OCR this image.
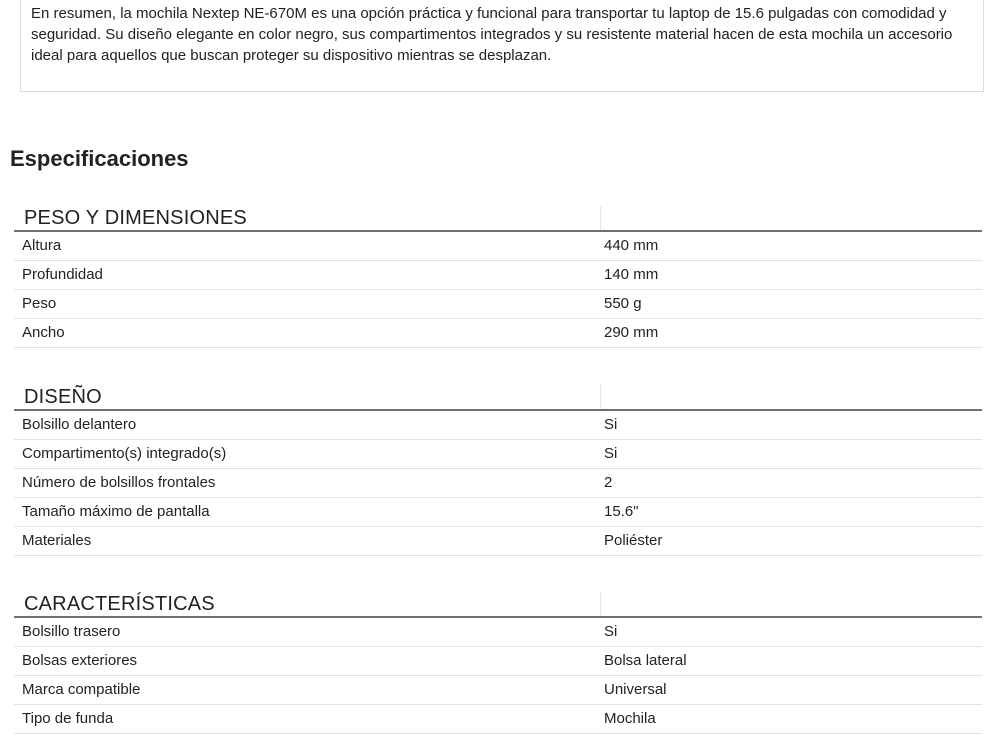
En resumen, la mochila Nextep NE-670M es una opción práctica y funcional para transportar tu laptop de 15.6 pulgadas con comodidad y seguridad. Su diseño elegante en color negro, sus compartimentos integrados y su resistente material hacen de esta mochila un accesorio ideal para aquellos que buscan proteger su dispositivo mientras se desplazan.

Especificaciones
PESO Y DIMENSIONES
Altura	440 mm
Profundidad	140 mm
Peso	550 g
Ancho	290 mm
DISEÑO
Bolsillo delantero	Si
Compartimento(s) integrado(s)	Si
Número de bolsillos frontales	2
Tamaño máximo de pantalla	15.6"
Materiales	Poliéster
CARACTERÍSTICAS
Bolsillo trasero	Si
Bolsas exteriores	Bolsa lateral
Marca compatible	Universal
Tipo de funda	Mochila
